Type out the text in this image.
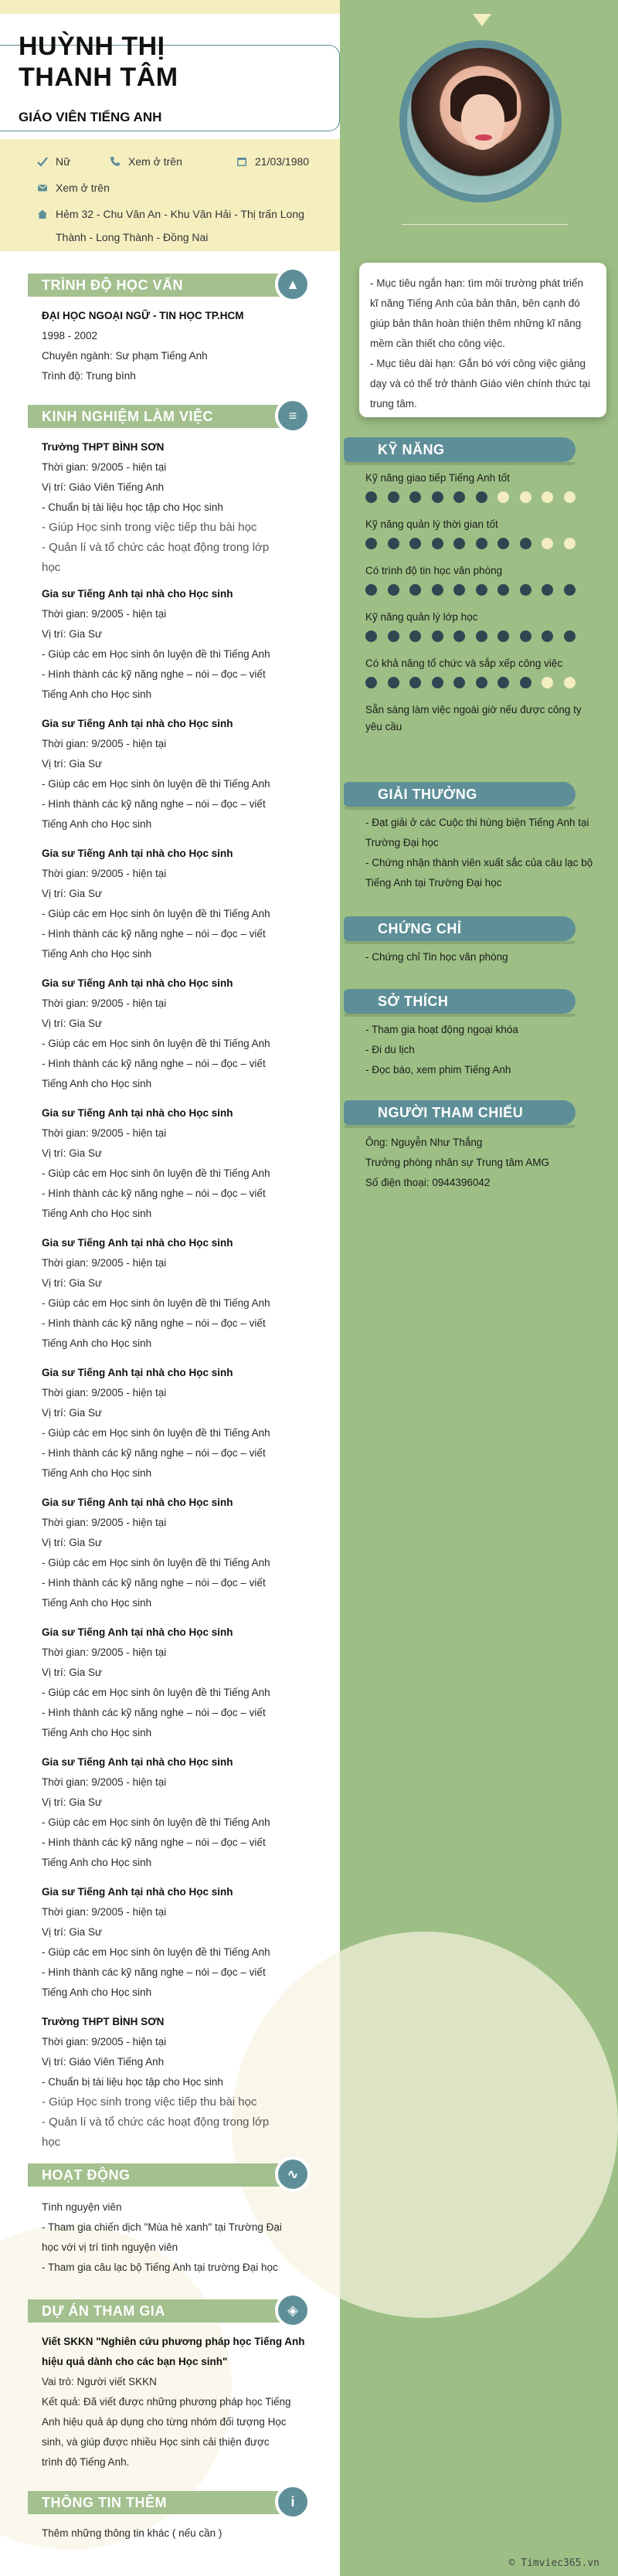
HUỲNH THỊ
THANH TÂM
GIÁO VIÊN TIẾNG ANH
Nữ	Xem ở trên	21/03/1980
Xem ở trên
Hẻm 32 - Chu Văn An - Khu Văn Hải - Thị trấn Long
Thành - Long Thành - Đồng Nai
- Mục tiêu ngắn hạn: tìm môi trường phát triển
kĩ năng Tiếng Anh của bản thân, bên cạnh đó
giúp bản thân hoàn thiện thêm những kĩ năng
mềm cần thiết cho công việc.
- Mục tiêu dài hạn: Gắn bó với công việc giảng
dạy và có thể trở thành Giáo viên chính thức tại
trung tâm.
TRÌNH ĐỘ HỌC VẤN	▲
ĐẠI HỌC NGOẠI NGỮ - TIN HỌC TP.HCM
1998 - 2002
Chuyên ngành: Sư phạm Tiếng Anh
Trình độ: Trung bình
KINH NGHIỆM LÀM VIỆC	≡
Trường THPT BÌNH SƠN
Thời gian: 9/2005 - hiện tại
Vị trí: Giáo Viên Tiếng Anh
- Chuẩn bị tài liệu học tập cho Học sinh
- Giúp Học sinh trong việc tiếp thu bài học
- Quản lí và tổ chức các hoạt động trong lớp
học
Gia sư Tiếng Anh tại nhà cho Học sinh
Thời gian: 9/2005 - hiện tại
Vị trí: Gia Sư
- Giúp các em Học sinh ôn luyện đề thi Tiếng Anh
- Hình thành các kỹ năng nghe – nói – đọc – viết
Tiếng Anh cho Học sinh
Gia sư Tiếng Anh tại nhà cho Học sinh
Thời gian: 9/2005 - hiện tại
Vị trí: Gia Sư
- Giúp các em Học sinh ôn luyện đề thi Tiếng Anh
- Hình thành các kỹ năng nghe – nói – đọc – viết
Tiếng Anh cho Học sinh
Gia sư Tiếng Anh tại nhà cho Học sinh
Thời gian: 9/2005 - hiện tại
Vị trí: Gia Sư
- Giúp các em Học sinh ôn luyện đề thi Tiếng Anh
- Hình thành các kỹ năng nghe – nói – đọc – viết
Tiếng Anh cho Học sinh
Gia sư Tiếng Anh tại nhà cho Học sinh
Thời gian: 9/2005 - hiện tại
Vị trí: Gia Sư
- Giúp các em Học sinh ôn luyện đề thi Tiếng Anh
- Hình thành các kỹ năng nghe – nói – đọc – viết
Tiếng Anh cho Học sinh
Gia sư Tiếng Anh tại nhà cho Học sinh
Thời gian: 9/2005 - hiện tại
Vị trí: Gia Sư
- Giúp các em Học sinh ôn luyện đề thi Tiếng Anh
- Hình thành các kỹ năng nghe – nói – đọc – viết
Tiếng Anh cho Học sinh
Gia sư Tiếng Anh tại nhà cho Học sinh
Thời gian: 9/2005 - hiện tại
Vị trí: Gia Sư
- Giúp các em Học sinh ôn luyện đề thi Tiếng Anh
- Hình thành các kỹ năng nghe – nói – đọc – viết
Tiếng Anh cho Học sinh
Gia sư Tiếng Anh tại nhà cho Học sinh
Thời gian: 9/2005 - hiện tại
Vị trí: Gia Sư
- Giúp các em Học sinh ôn luyện đề thi Tiếng Anh
- Hình thành các kỹ năng nghe – nói – đọc – viết
Tiếng Anh cho Học sinh
Gia sư Tiếng Anh tại nhà cho Học sinh
Thời gian: 9/2005 - hiện tại
Vị trí: Gia Sư
- Giúp các em Học sinh ôn luyện đề thi Tiếng Anh
- Hình thành các kỹ năng nghe – nói – đọc – viết
Tiếng Anh cho Học sinh
Gia sư Tiếng Anh tại nhà cho Học sinh
Thời gian: 9/2005 - hiện tại
Vị trí: Gia Sư
- Giúp các em Học sinh ôn luyện đề thi Tiếng Anh
- Hình thành các kỹ năng nghe – nói – đọc – viết
Tiếng Anh cho Học sinh
Gia sư Tiếng Anh tại nhà cho Học sinh
Thời gian: 9/2005 - hiện tại
Vị trí: Gia Sư
- Giúp các em Học sinh ôn luyện đề thi Tiếng Anh
- Hình thành các kỹ năng nghe – nói – đọc – viết
Tiếng Anh cho Học sinh
Gia sư Tiếng Anh tại nhà cho Học sinh
Thời gian: 9/2005 - hiện tại
Vị trí: Gia Sư
- Giúp các em Học sinh ôn luyện đề thi Tiếng Anh
- Hình thành các kỹ năng nghe – nói – đọc – viết
Tiếng Anh cho Học sinh
Trường THPT BÌNH SƠN
Thời gian: 9/2005 - hiện tại
Vị trí: Giáo Viên Tiếng Anh
- Chuẩn bị tài liệu học tập cho Học sinh
- Giúp Học sinh trong việc tiếp thu bài học
- Quản lí và tổ chức các hoạt động trong lớp
học
HOẠT ĐỘNG	∿
Tình nguyện viên
- Tham gia chiến dịch "Mùa hè xanh" tại Trường Đại
học với vị trí tình nguyện viên
- Tham gia câu lạc bộ Tiếng Anh tại trường Đại học
DỰ ÁN THAM GIA	◈
Viết SKKN "Nghiên cứu phương pháp học Tiếng Anh
hiệu quả dành cho các bạn Học sinh"
Vai trò: Người viết SKKN
Kết quả: Đã viết được những phương pháp học Tiếng
Anh hiệu quả áp dụng cho từng nhóm đối tượng Học
sinh, và giúp được nhiều Học sinh cải thiện được
trình độ Tiếng Anh.
THÔNG TIN THÊM	i
Thêm những thông tin khác ( nếu cần )
KỸ NĂNG
Kỹ năng giao tiếp Tiếng Anh tốt
Kỹ năng quản lý thời gian tốt
Có trình độ tin học văn phòng
Kỹ năng quản lý lớp học
Có khả năng tổ chức và sắp xếp công việc
Sẵn sàng làm việc ngoài giờ nếu được công ty
yêu cầu
GIẢI THƯỞNG
- Đạt giải ở các Cuộc thi hùng biện Tiếng Anh tại
Trường Đại học
- Chứng nhận thành viên xuất sắc của câu lạc bộ
Tiếng Anh tại Trường Đại học
CHỨNG CHỈ
- Chứng chỉ Tin học văn phòng
SỞ THÍCH
- Tham gia hoạt động ngoại khóa
- Đi du lịch
- Đọc báo, xem phim Tiếng Anh
NGƯỜI THAM CHIẾU
Ông: Nguyễn Như Thắng
Trưởng phòng nhân sự Trung tâm AMG
Số điện thoại: 0944396042
© Timviec365.vn
